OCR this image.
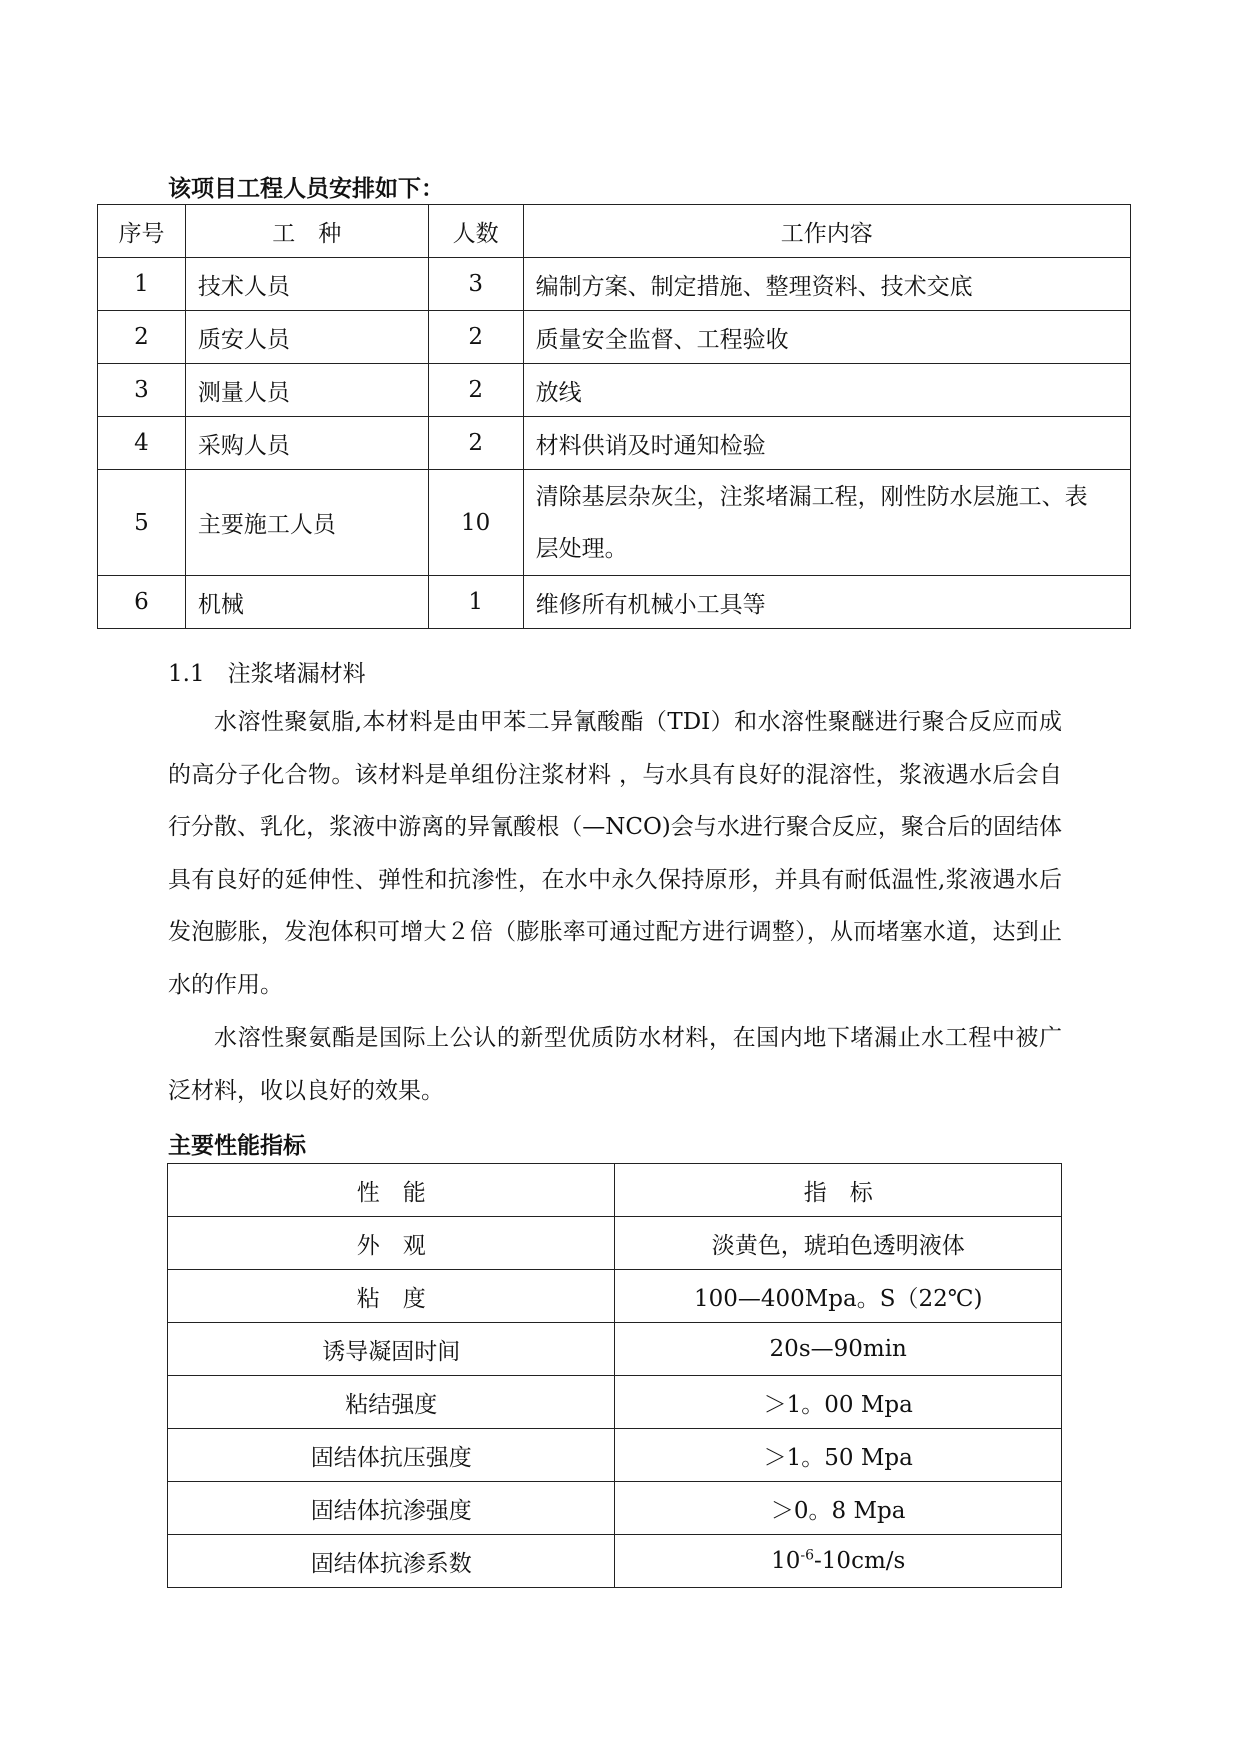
该项目工程人员安排如下：
序号	工　种	人数	工作内容
1	技术人员	3	编制方案、制定措施、整理资料、技术交底
2	质安人员	2	质量安全监督、工程验收
3	测量人员	2	放线
4	采购人员	2	材料供诮及时通知检验
5	主要施工人员	10	清除基层杂灰尘，注浆堵漏工程，刚性防水层施工、表层处理。
6	机械	1	维修所有机械小工具等
1.1　注浆堵漏材料
水溶性聚氨脂,本材料是由甲苯二异氰酸酯（TDI）和水溶性聚醚进行聚合反应而成的高分子化合物。该材料是单组份注浆材料 ，与水具有良好的混溶性，浆液遇水后会自行分散、乳化，浆液中游离的异氰酸根（—NCO)会与水进行聚合反应，聚合后的固结体具有良好的延伸性、弹性和抗渗性，在水中永久保持原形，并具有耐低温性,浆液遇水后发泡膨胀，发泡体积可增大２倍（膨胀率可通过配方进行调整），从而堵塞水道，达到止水的作用。
水溶性聚氨酯是国际上公认的新型优质防水材料，在国内地下堵漏止水工程中被广泛材料，收以良好的效果。
主要性能指标
性　能	指　标
外　观	淡黄色，琥珀色透明液体
粘　度	100—400Mpa。S（22℃)
诱导凝固时间	20s—90min
粘结强度	＞1。00 Mpa
固结体抗压强度	＞1。50 Mpa
固结体抗渗强度	＞0。8 Mpa
固结体抗渗系数	$10^{-6}-10cm/s$
